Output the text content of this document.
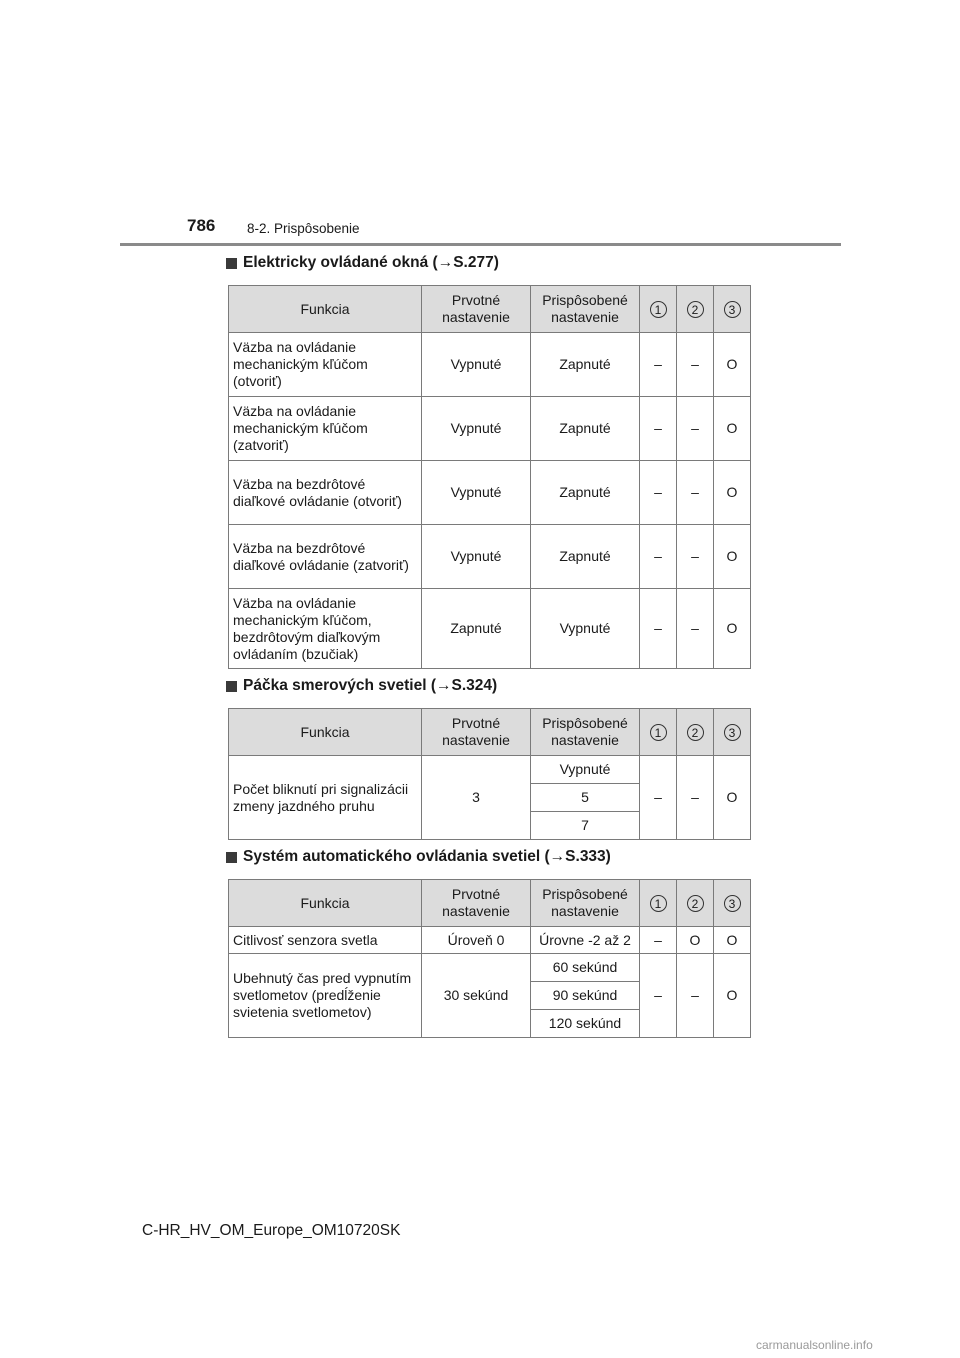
786 8-2. Prispôsobenie
Elektricky ovládané okná (→S.277)
Funkcia	Prvotné nastavenie	Prispôsobené nastavenie	1	2	3
Väzba na ovládanie mechanickým kľúčom (otvoriť)	Vypnuté	Zapnuté	–	–	O
Väzba na ovládanie mechanickým kľúčom (zatvoriť)	Vypnuté	Zapnuté	–	–	O
Väzba na bezdrôtové diaľkové ovládanie (otvoriť)	Vypnuté	Zapnuté	–	–	O
Väzba na bezdrôtové diaľkové ovládanie (zatvoriť)	Vypnuté	Zapnuté	–	–	O
Väzba na ovládanie mechanickým kľúčom, bezdrôtovým diaľkovým ovládaním (bzučiak)	Zapnuté	Vypnuté	–	–	O
Páčka smerových svetiel (→S.324)
Funkcia	Prvotné nastavenie	Prispôsobené nastavenie	1	2	3
Počet bliknutí pri signalizácii zmeny jazdného pruhu	3	Vypnuté	–	–	O
		5			
		7			
Systém automatického ovládania svetiel (→S.333)
Funkcia	Prvotné nastavenie	Prispôsobené nastavenie	1	2	3
Citlivosť senzora svetla	Úroveň 0	Úrovne -2 až 2	–	O	O
Ubehnutý čas pred vypnutím svetlometov (predĺženie svietenia svetlometov)	30 sekúnd	60 sekúnd	–	–	O
		90 sekúnd			
		120 sekúnd			
C-HR_HV_OM_Europe_OM10720SK
carmanualsonline.info
